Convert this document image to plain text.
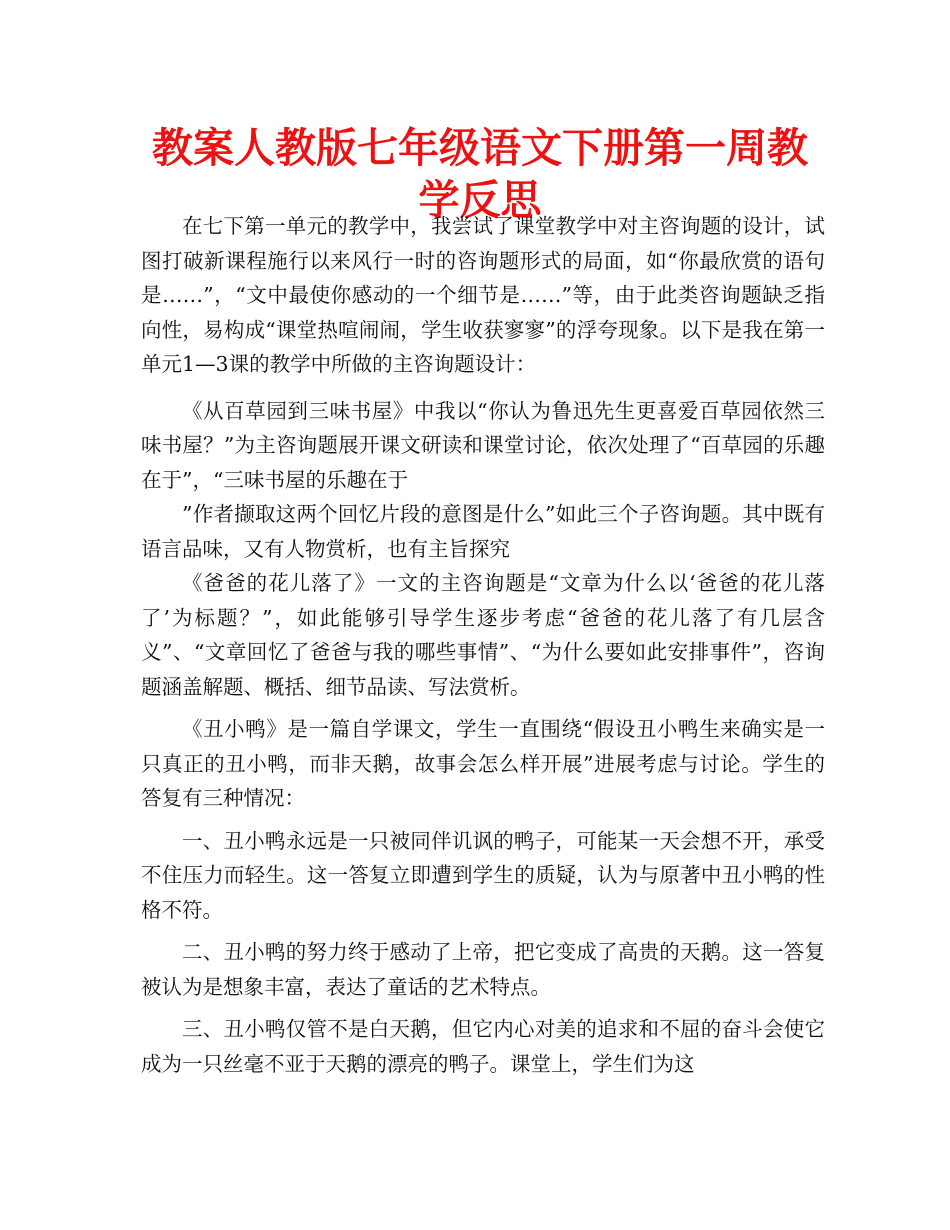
教案人教版七年级语文下册第一周教学反思

在七下第一单元的教学中，我尝试了课堂教学中对主咨询题的设计，试图打破新课程施行以来风行一时的咨询题形式的局面，如“你最欣赏的语句是……”，“文中最使你感动的一个细节是……”等，由于此类咨询题缺乏指向性，易构成“课堂热喧闹闹，学生收获寥寥”的浮夸现象。以下是我在第一单元1—3课的教学中所做的主咨询题设计：

《从百草园到三味书屋》中我以“你认为鲁迅先生更喜爱百草园依然三味书屋？”为主咨询题展开课文研读和课堂讨论，依次处理了“百草园的乐趣在于”，“三味书屋的乐趣在于

”作者撷取这两个回忆片段的意图是什么”如此三个子咨询题。其中既有语言品味，又有人物赏析，也有主旨探究

《爸爸的花儿落了》一文的主咨询题是“文章为什么以‘爸爸的花儿落了’为标题？”，如此能够引导学生逐步考虑“爸爸的花儿落了有几层含义”、“文章回忆了爸爸与我的哪些事情”、“为什么要如此安排事件”，咨询题涵盖解题、概括、细节品读、写法赏析。

《丑小鸭》是一篇自学课文，学生一直围绕“假设丑小鸭生来确实是一只真正的丑小鸭，而非天鹅，故事会怎么样开展”进展考虑与讨论。学生的答复有三种情况：

一、丑小鸭永远是一只被同伴讥讽的鸭子，可能某一天会想不开，承受不住压力而轻生。这一答复立即遭到学生的质疑，认为与原著中丑小鸭的性格不符。

二、丑小鸭的努力终于感动了上帝，把它变成了高贵的天鹅。这一答复被认为是想象丰富，表达了童话的艺术特点。

三、丑小鸭仅管不是白天鹅，但它内心对美的追求和不屈的奋斗会使它成为一只丝毫不亚于天鹅的漂亮的鸭子。课堂上，学生们为这
